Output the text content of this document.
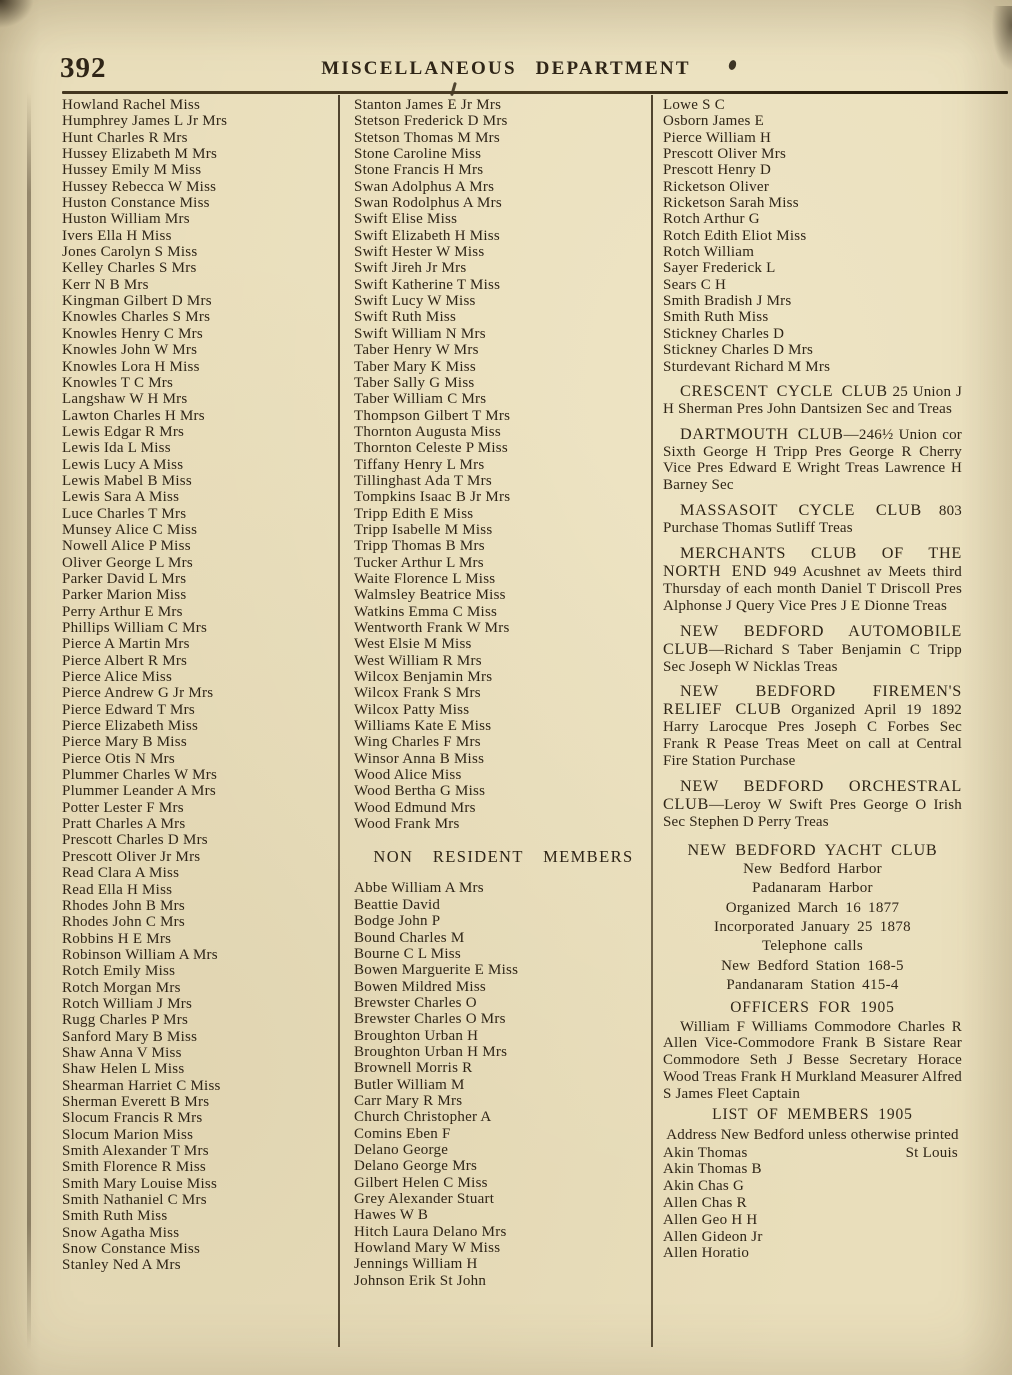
392	MISCELLANEOUS DEPARTMENT
Howland Rachel Miss
Humphrey James L Jr Mrs
Hunt Charles R Mrs
Hussey Elizabeth M Mrs
Hussey Emily M Miss
Hussey Rebecca W Miss
Huston Constance Miss
Huston William Mrs
Ivers Ella H Miss
Jones Carolyn S Miss
Kelley Charles S Mrs
Kerr N B Mrs
Kingman Gilbert D Mrs
Knowles Charles S Mrs
Knowles Henry C Mrs
Knowles John W Mrs
Knowles Lora H Miss
Knowles T C Mrs
Langshaw W H Mrs
Lawton Charles H Mrs
Lewis Edgar R Mrs
Lewis Ida L Miss
Lewis Lucy A Miss
Lewis Mabel B Miss
Lewis Sara A Miss
Luce Charles T Mrs
Munsey Alice C Miss
Nowell Alice P Miss
Oliver George L Mrs
Parker David L Mrs
Parker Marion Miss
Perry Arthur E Mrs
Phillips William C Mrs
Pierce A Martin Mrs
Pierce Albert R Mrs
Pierce Alice Miss
Pierce Andrew G Jr Mrs
Pierce Edward T Mrs
Pierce Elizabeth Miss
Pierce Mary B Miss
Pierce Otis N Mrs
Plummer Charles W Mrs
Plummer Leander A Mrs
Potter Lester F Mrs
Pratt Charles A Mrs
Prescott Charles D Mrs
Prescott Oliver Jr Mrs
Read Clara A Miss
Read Ella H Miss
Rhodes John B Mrs
Rhodes John C Mrs
Robbins H E Mrs
Robinson William A Mrs
Rotch Emily Miss
Rotch Morgan Mrs
Rotch William J Mrs
Rugg Charles P Mrs
Sanford Mary B Miss
Shaw Anna V Miss
Shaw Helen L Miss
Shearman Harriet C Miss
Sherman Everett B Mrs
Slocum Francis R Mrs
Slocum Marion Miss
Smith Alexander T Mrs
Smith Florence R Miss
Smith Mary Louise Miss
Smith Nathaniel C Mrs
Smith Ruth Miss
Snow Agatha Miss
Snow Constance Miss
Stanley Ned A Mrs
Stanton James E Jr Mrs
Stetson Frederick D Mrs
Stetson Thomas M Mrs
Stone Caroline Miss
Stone Francis H Mrs
Swan Adolphus A Mrs
Swan Rodolphus A Mrs
Swift Elise Miss
Swift Elizabeth H Miss
Swift Hester W Miss
Swift Jireh Jr Mrs
Swift Katherine T Miss
Swift Lucy W Miss
Swift Ruth Miss
Swift William N Mrs
Taber Henry W Mrs
Taber Mary K Miss
Taber Sally G Miss
Taber William C Mrs
Thompson Gilbert T Mrs
Thornton Augusta Miss
Thornton Celeste P Miss
Tiffany Henry L Mrs
Tillinghast Ada T Mrs
Tompkins Isaac B Jr Mrs
Tripp Edith E Miss
Tripp Isabelle M Miss
Tripp Thomas B Mrs
Tucker Arthur L Mrs
Waite Florence L Miss
Walmsley Beatrice Miss
Watkins Emma C Miss
Wentworth Frank W Mrs
West Elsie M Miss
West William R Mrs
Wilcox Benjamin Mrs
Wilcox Frank S Mrs
Wilcox Patty Miss
Williams Kate E Miss
Wing Charles F Mrs
Winsor Anna B Miss
Wood Alice Miss
Wood Bertha G Miss
Wood Edmund Mrs
Wood Frank Mrs
NON RESIDENT MEMBERS
Abbe William A Mrs
Beattie David
Bodge John P
Bound Charles M
Bourne C L Miss
Bowen Marguerite E Miss
Bowen Mildred Miss
Brewster Charles O
Brewster Charles O Mrs
Broughton Urban H
Broughton Urban H Mrs
Brownell Morris R
Butler William M
Carr Mary R Mrs
Church Christopher A
Comins Eben F
Delano George
Delano George Mrs
Gilbert Helen C Miss
Grey Alexander Stuart
Hawes W B
Hitch Laura Delano Mrs
Howland Mary W Miss
Jennings William H
Johnson Erik St John
Lowe S C
Osborn James E
Pierce William H
Prescott Oliver Mrs
Prescott Henry D
Ricketson Oliver
Ricketson Sarah Miss
Rotch Arthur G
Rotch Edith Eliot Miss
Rotch William
Sayer Frederick L
Sears C H
Smith Bradish J Mrs
Smith Ruth Miss
Stickney Charles D
Stickney Charles D Mrs
Sturdevant Richard M Mrs

CRESCENT CYCLE CLUB 25 Union J H Sherman Pres John Dantsizen Sec and Treas

DARTMOUTH CLUB—246½ Union cor Sixth George H Tripp Pres George R Cherry Vice Pres Edward E Wright Treas Lawrence H Barney Sec

MASSASOIT CYCLE CLUB 803 Purchase Thomas Sutliff Treas

MERCHANTS CLUB OF THE NORTH END 949 Acushnet av Meets third Thursday of each month Daniel T Driscoll Pres Alphonse J Query Vice Pres J E Dionne Treas

NEW BEDFORD AUTOMOBILE CLUB—Richard S Taber Benjamin C Tripp Sec Joseph W Nicklas Treas

NEW BEDFORD FIREMEN'S RELIEF CLUB Organized April 19 1892 Harry Larocque Pres Joseph C Forbes Sec Frank R Pease Treas Meet on call at Central Fire Station Purchase

NEW BEDFORD ORCHESTRAL CLUB—Leroy W Swift Pres George O Irish Sec Stephen D Perry Treas

NEW BEDFORD YACHT CLUB
New Bedford Harbor
Padanaram Harbor
Organized March 16 1877
Incorporated January 25 1878
Telephone calls
New Bedford Station 168-5
Pandanaram Station 415-4
OFFICERS FOR 1905

William F Williams Commodore Charles R Allen Vice-Commodore Frank B Sistare Rear Commodore Seth J Besse Secretary Horace Wood Treas Frank H Murkland Measurer Alfred S James Fleet Captain

LIST OF MEMBERS 1905

Address New Bedford unless otherwise printed

Akin Thomas	St Louis
Akin Thomas B
Akin Chas G
Allen Chas R
Allen Geo H H
Allen Gideon Jr
Allen Horatio
